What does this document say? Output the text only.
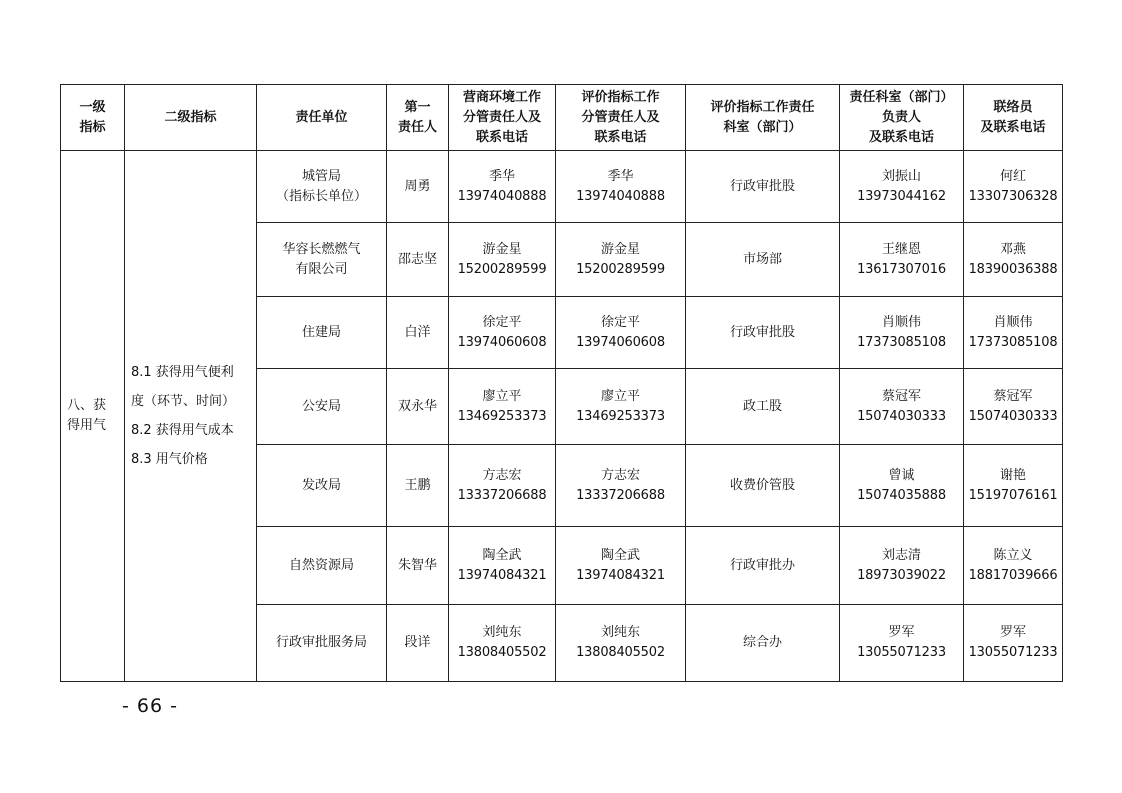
一级
指标	二级指标	责任单位	第一
责任人	营商环境工作
分管责任人及
联系电话	评价指标工作
分管责任人及
联系电话	评价指标工作责任
科室（部门）	责任科室（部门）
负责人
及联系电话	联络员
及联系电话

八、获
得用气	8.1 获得用气便利
度（环节、时间）
8.2 获得用气成本
8.3 用气价格	城管局
（指标长单位）	周勇	季华
13974040888	季华
13974040888	行政审批股	刘振山
13973044162	何红
13307306328

		华容长燃燃气
有限公司	邵志坚	游金星
15200289599	游金星
15200289599	市场部	王继恩
13617307016	邓燕
18390036388

		住建局	白洋	徐定平
13974060608	徐定平
13974060608	行政审批股	肖顺伟
17373085108	肖顺伟
17373085108

		公安局	双永华	廖立平
13469253373	廖立平
13469253373	政工股	蔡冠军
15074030333	蔡冠军
15074030333

		发改局	王鹏	方志宏
13337206688	方志宏
13337206688	收费价管股	曾诚
15074035888	谢艳
15197076161

		自然资源局	朱智华	陶全武
13974084321	陶全武
13974084321	行政审批办	刘志清
18973039022	陈立义
18817039666

		行政审批服务局	段详	刘纯东
13808405502	刘纯东
13808405502	综合办	罗军
13055071233	罗军
13055071233
- 66 -
